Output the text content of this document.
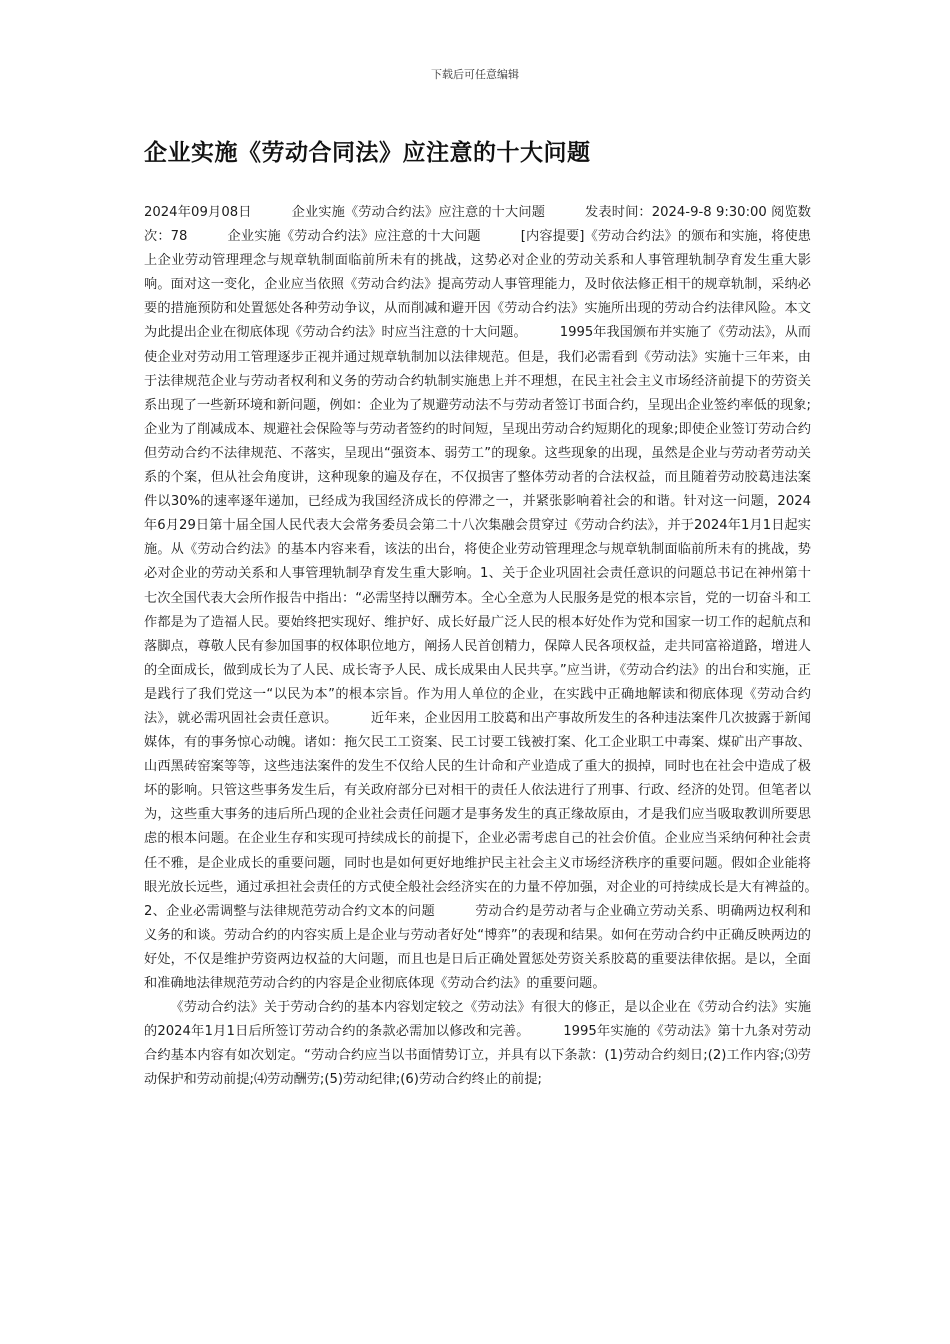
下载后可任意编辑
企业实施《劳动合同法》应注意的十大问题

2024年09月08日　　　企业实施《劳动合约法》应注意的十大问题　　　发表时间：2024-9-8 9:30:00 阅览数次：78　　　企业实施《劳动合约法》应注意的十大问题　　　[内容提要]《劳动合约法》的颁布和实施，将使患上企业劳动管理理念与规章轨制面临前所未有的挑战，这势必对企业的劳动关系和人事管理轨制孕育发生重大影响。面对这一变化，企业应当依照《劳动合约法》提高劳动人事管理能力，及时依法修正相干的规章轨制，采纳必要的措施预防和处置惩处各种劳动争议，从而削减和避开因《劳动合约法》实施所出现的劳动合约法律风险。本文为此提出企业在彻底体现《劳动合约法》时应当注意的十大问题。　　　1995年我国颁布并实施了《劳动法》，从而使企业对劳动用工管理逐步正视并通过规章轨制加以法律规范。但是，我们必需看到《劳动法》实施十三年来，由于法律规范企业与劳动者权利和义务的劳动合约轨制实施患上并不理想，在民主社会主义市场经济前提下的劳资关系出现了一些新环境和新问题，例如：企业为了规避劳动法不与劳动者签订书面合约，呈现出企业签约率低的现象;企业为了削减成本、规避社会保险等与劳动者签约的时间短，呈现出劳动合约短期化的现象;即使企业签订劳动合约但劳动合约不法律规范、不落实，呈现出“强资本、弱劳工”的现象。这些现象的出现，虽然是企业与劳动者劳动关系的个案，但从社会角度讲，这种现象的遍及存在，不仅损害了整体劳动者的合法权益，而且随着劳动胶葛违法案件以30%的速率逐年递加，已经成为我国经济成长的停滞之一，并紧张影响着社会的和谐。针对这一问题，2024年6月29日第十届全国人民代表大会常务委员会第二十八次集融会贯穿过《劳动合约法》，并于2024年1月1日起实施。从《劳动合约法》的基本内容来看，该法的出台，将使企业劳动管理理念与规章轨制面临前所未有的挑战，势必对企业的劳动关系和人事管理轨制孕育发生重大影响。1、关于企业巩固社会责任意识的问题总书记在神州第十七次全国代表大会所作报告中指出：“必需坚持以酬劳本。全心全意为人民服务是党的根本宗旨，党的一切奋斗和工作都是为了造福人民。要始终把实现好、维护好、成长好最广泛人民的根本好处作为党和国家一切工作的起航点和落脚点，尊敬人民有参加国事的权体职位地方，阐扬人民首创精力，保障人民各项权益，走共同富裕道路，增进人的全面成长，做到成长为了人民、成长寄予人民、成长成果由人民共享。”应当讲，《劳动合约法》的出台和实施，正是践行了我们党这一“以民为本”的根本宗旨。作为用人单位的企业，在实践中正确地解读和彻底体现《劳动合约法》，就必需巩固社会责任意识。　　　近年来，企业因用工胶葛和出产事故所发生的各种违法案件几次披露于新闻媒体，有的事务惊心动魄。诸如：拖欠民工工资案、民工讨要工钱被打案、化工企业职工中毒案、煤矿出产事故、山西黑砖窑案等等，这些违法案件的发生不仅给人民的生计命和产业造成了重大的损掉，同时也在社会中造成了极坏的影响。只管这些事务发生后，有关政府部分已对相干的责任人依法进行了刑事、行政、经济的处罚。但笔者以为，这些重大事务的违后所凸现的企业社会责任问题才是事务发生的真正缘故原由，才是我们应当吸取教训所要思虑的根本问题。在企业生存和实现可持续成长的前提下，企业必需考虑自己的社会价值。企业应当采纳何种社会责任不雅，是企业成长的重要问题，同时也是如何更好地维护民主社会主义市场经济秩序的重要问题。假如企业能将眼光放长远些，通过承担社会责任的方式使全般社会经济实在的力量不停加强，对企业的可持续成长是大有裨益的。　　2、企业必需调整与法律规范劳动合约文本的问题　　　劳动合约是劳动者与企业确立劳动关系、明确两边权利和义务的和谈。劳动合约的内容实质上是企业与劳动者好处“博弈”的表现和结果。如何在劳动合约中正确反映两边的好处，不仅是维护劳资两边权益的大问题，而且也是日后正确处置惩处劳资关系胶葛的重要法律依据。是以，全面和准确地法律规范劳动合约的内容是企业彻底体现《劳动合约法》的重要问题。

《劳动合约法》关于劳动合约的基本内容划定较之《劳动法》有很大的修正，是以企业在《劳动合约法》实施的2024年1月1日后所签订劳动合约的条款必需加以修改和完善。　　　1995年实施的《劳动法》第十九条对劳动合约基本内容有如次划定。“劳动合约应当以书面情势订立，并具有以下条款：(1)劳动合约刻日;(2)工作内容;⑶劳动保护和劳动前提;⑷劳动酬劳;(5)劳动纪律;(6)劳动合约终止的前提;
